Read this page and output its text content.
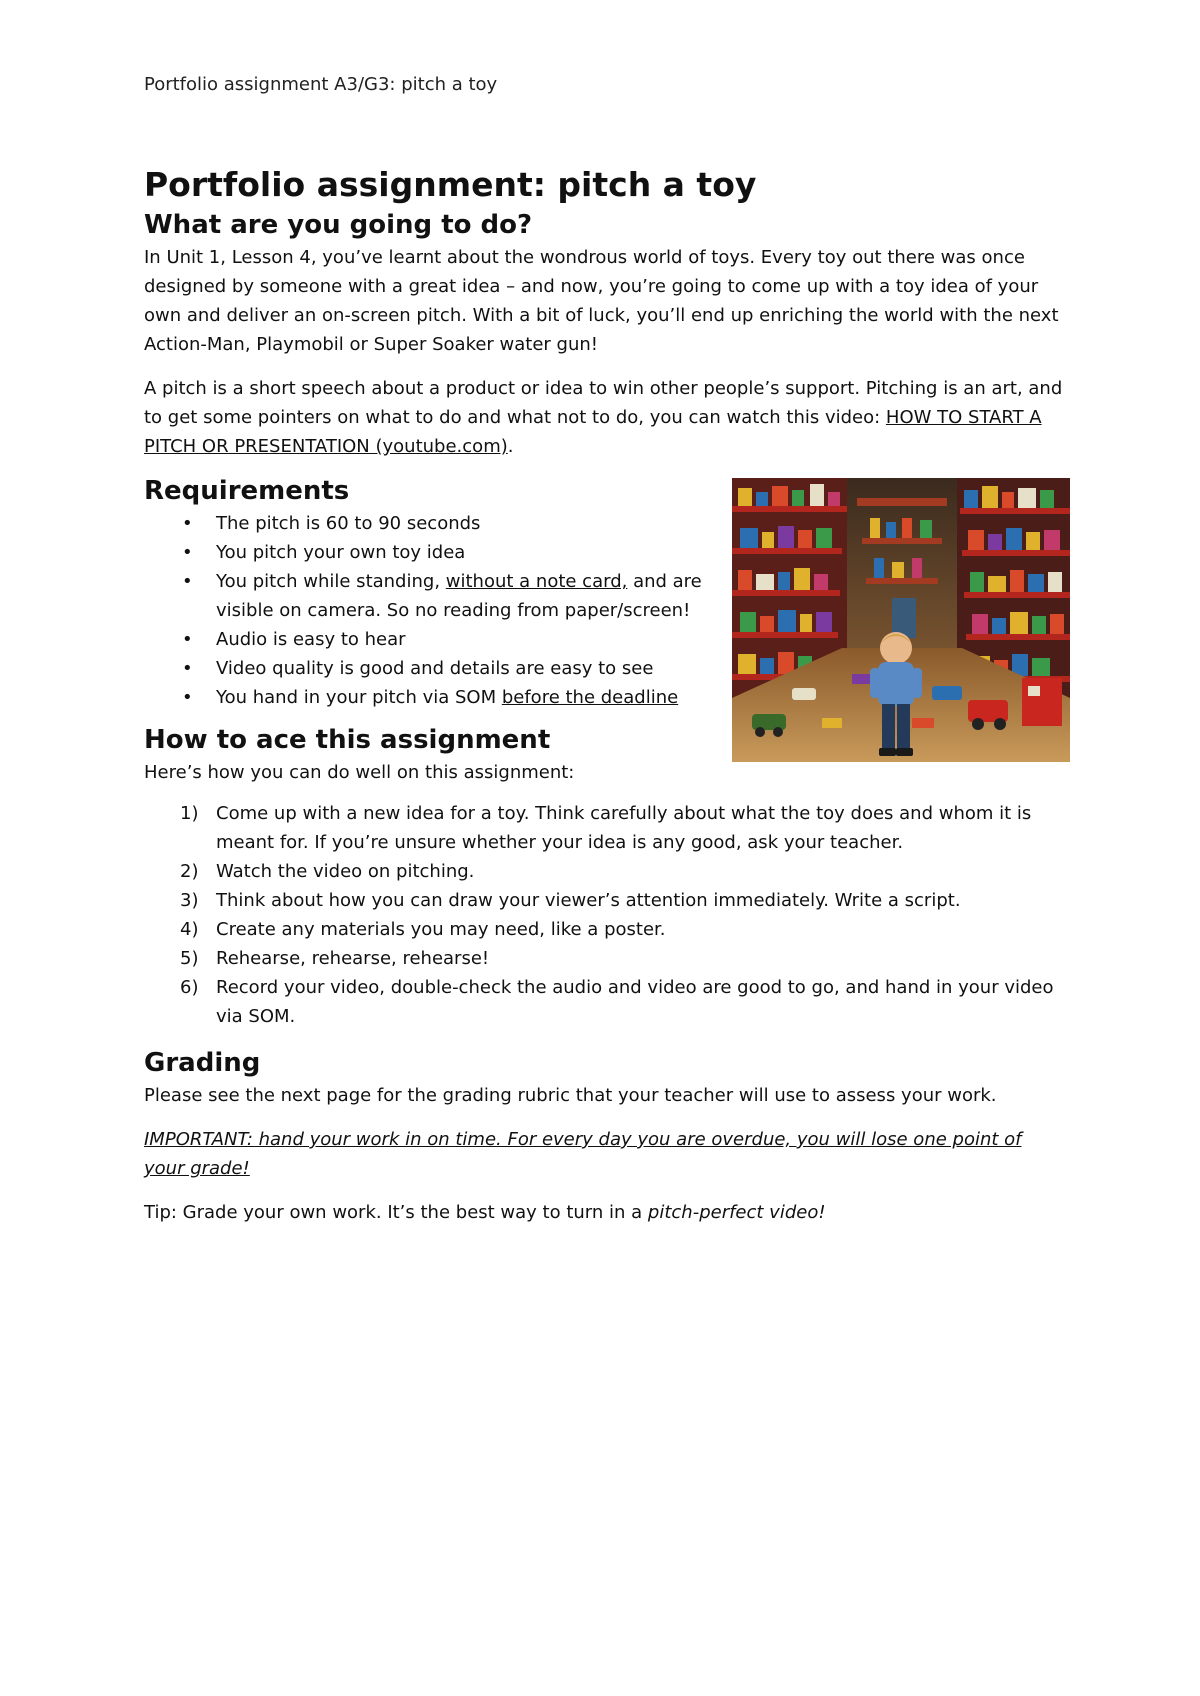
Portfolio assignment A3/G3: pitch a toy
Portfolio assignment: pitch a toy
What are you going to do?

In Unit 1, Lesson 4, you’ve learnt about the wondrous world of toys. Every toy out there was once designed by someone with a great idea – and now, you’re going to come up with a toy idea of your own and deliver an on-screen pitch. With a bit of luck, you’ll end up enriching the world with the next Action-Man, Playmobil or Super Soaker water gun!

A pitch is a short speech about a product or idea to win other people’s support. Pitching is an art, and to get some pointers on what to do and what not to do, you can watch this video: HOW TO START A PITCH OR PRESENTATION (youtube.com).

Requirements
• The pitch is 60 to 90 seconds
• You pitch your own toy idea
• You pitch while standing, without a note card, and are visible on camera. So no reading from paper/screen!
• Audio is easy to hear
• Video quality is good and details are easy to see
• You hand in your pitch via SOM before the deadline
How to ace this assignment

Here’s how you can do well on this assignment:

1) Come up with a new idea for a toy. Think carefully about what the toy does and whom it is meant for. If you’re unsure whether your idea is any good, ask your teacher.
2) Watch the video on pitching.
3) Think about how you can draw your viewer’s attention immediately. Write a script.
4) Create any materials you may need, like a poster.
5) Rehearse, rehearse, rehearse!
6) Record your video, double-check the audio and video are good to go, and hand in your video via SOM.
Grading

Please see the next page for the grading rubric that your teacher will use to assess your work.

IMPORTANT: hand your work in on time. For every day you are overdue, you will lose one point of your grade!

Tip: Grade your own work. It’s the best way to turn in a pitch-perfect video!
